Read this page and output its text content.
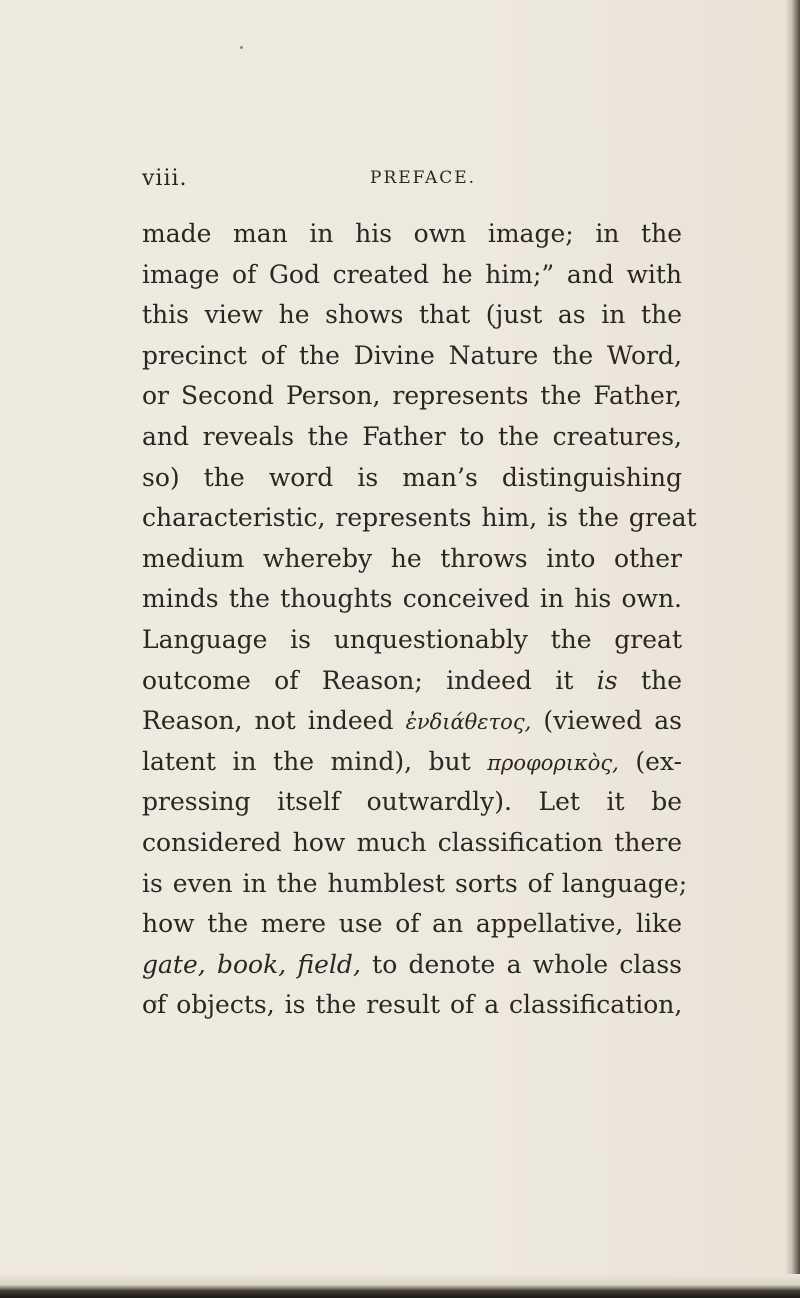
viii.	PREFACE.
made man in his own image; in the
image of God created he him;” and with
this view he shows that (just as in the
precinct of the Divine Nature the Word,
or Second Person, represents the Father,
and reveals the Father to the creatures,
so) the word is man’s distinguishing
characteristic, represents him, is the great
medium whereby he throws into other
minds the thoughts conceived in his own.
Language is unquestionably the great
outcome of Reason; indeed it is the
Reason, not indeed ἐνδιάθετος, (viewed as
latent in the mind), but προφορικὸς, (ex-
pressing itself outwardly). Let it be
considered how much classification there
is even in the humblest sorts of language;
how the mere use of an appellative, like
gate, book, field, to denote a whole class
of objects, is the result of a classification,
